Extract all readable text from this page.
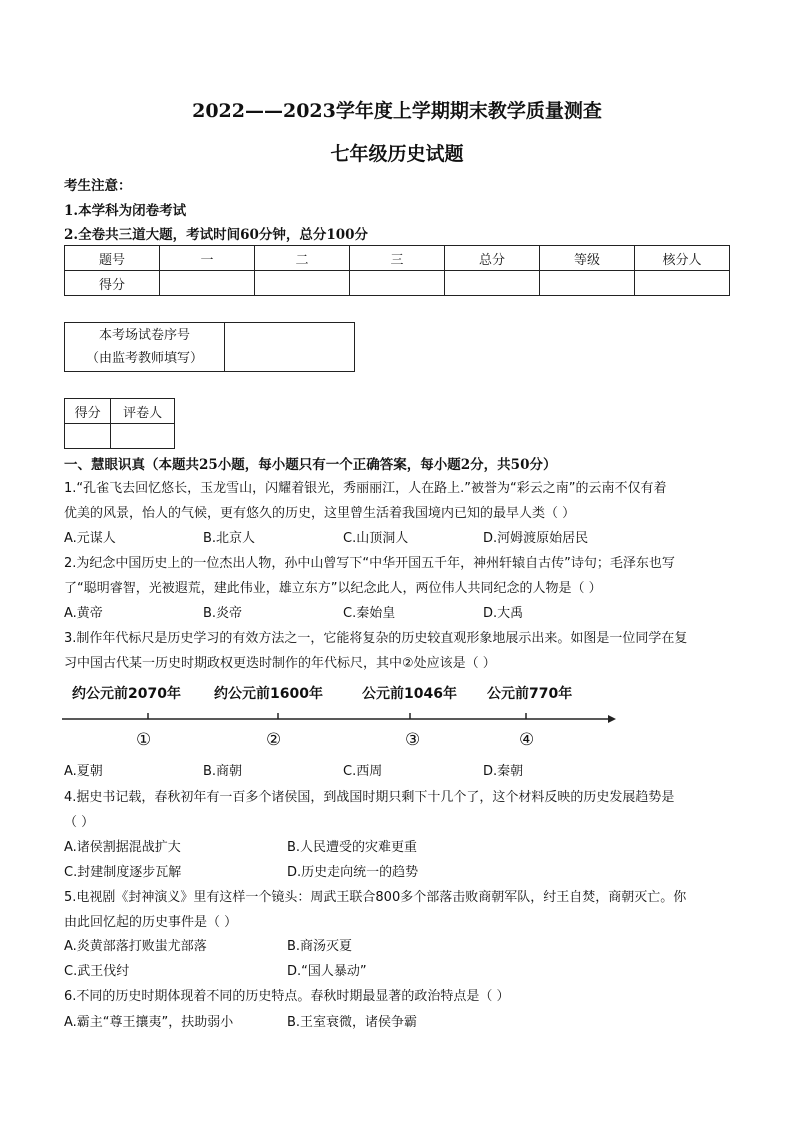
2022——2023学年度上学期期末教学质量测查
七年级历史试题
考生注意：
1.本学科为闭卷考试
2.全卷共三道大题，考试时间60分钟，总分100分
题号	一	二	三	总分	等级	核分人
得分						
本考场试卷序号
（由监考教师填写）

得分	评卷人

一、慧眼识真（本题共25小题，每小题只有一个正确答案，每小题2分，共50分）
1.“孔雀飞去回忆悠长，玉龙雪山，闪耀着银光，秀丽丽江，人在路上.”被誉为“彩云之南”的云南不仅有着
优美的风景，怡人的气候，更有悠久的历史，这里曾生活着我国境内已知的最早人类（ ）
A.元谋人	B.北京人	C.山顶洞人	D.河姆渡原始居民
2.为纪念中国历史上的一位杰出人物，孙中山曾写下“中华开国五千年，神州轩辕自古传”诗句；毛泽东也写
了“聪明睿智，光被遐荒，建此伟业，雄立东方”以纪念此人，两位伟人共同纪念的人物是（ ）
A.黄帝	B.炎帝	C.秦始皇	D.大禹
3.制作年代标尺是历史学习的有效方法之一，它能将复杂的历史较直观形象地展示出来。如图是一位同学在复
习中国古代某一历史时期政权更迭时制作的年代标尺，其中②处应该是（ ）
约公元前2070年 约公元前1600年	公元前1046年 公元前770年
①	②	③	④
A.夏朝	B.商朝	C.西周	D.秦朝
4.据史书记载，春秋初年有一百多个诸侯国，到战国时期只剩下十几个了，这个材料反映的历史发展趋势是
（ ）
A.诸侯割据混战扩大	B.人民遭受的灾难更重
C.封建制度逐步瓦解	D.历史走向统一的趋势
5.电视剧《封神演义》里有这样一个镜头：周武王联合800多个部落击败商朝军队，纣王自焚，商朝灭亡。你
由此回忆起的历史事件是（ ）
A.炎黄部落打败蚩尤部落	B.商汤灭夏
C.武王伐纣	D.“国人暴动”
6.不同的历史时期体现着不同的历史特点。春秋时期最显著的政治特点是（ ）
A.霸主“尊王攘夷”，扶助弱小	B.王室衰微，诸侯争霸
